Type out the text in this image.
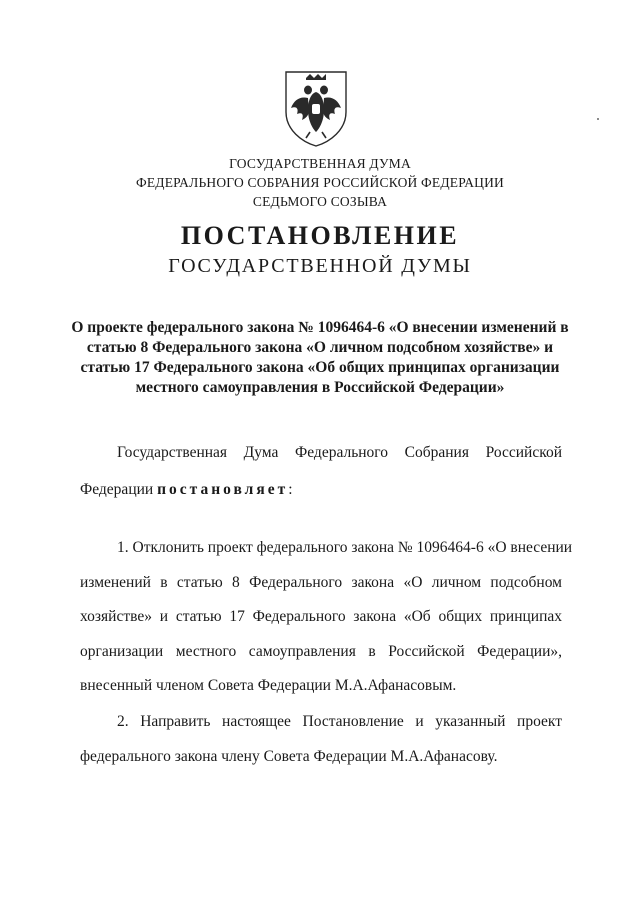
ГОСУДАРСТВЕННАЯ ДУМА
ФЕДЕРАЛЬНОГО СОБРАНИЯ РОССИЙСКОЙ ФЕДЕРАЦИИ
СЕДЬМОГО СОЗЫВА
ПОСТАНОВЛЕНИЕ
ГОСУДАРСТВЕННОЙ ДУМЫ
О проекте федерального закона № 1096464-6 «О внесении изменений в
статью 8 Федерального закона «О личном подсобном хозяйстве» и
статью 17 Федерального закона «Об общих принципах организации
местного самоуправления в Российской Федерации»
Государственная Дума Федерального Собрания Российской
Федерации постановляет:
1. Отклонить проект федерального закона № 1096464-6 «О внесении
изменений в статью 8 Федерального закона «О личном подсобном
хозяйстве» и статью 17 Федерального закона «Об общих принципах
организации местного самоуправления в Российской Федерации»,
внесенный членом Совета Федерации М.А.Афанасовым.
2. Направить настоящее Постановление и указанный проект
федерального закона члену Совета Федерации М.А.Афанасову.
